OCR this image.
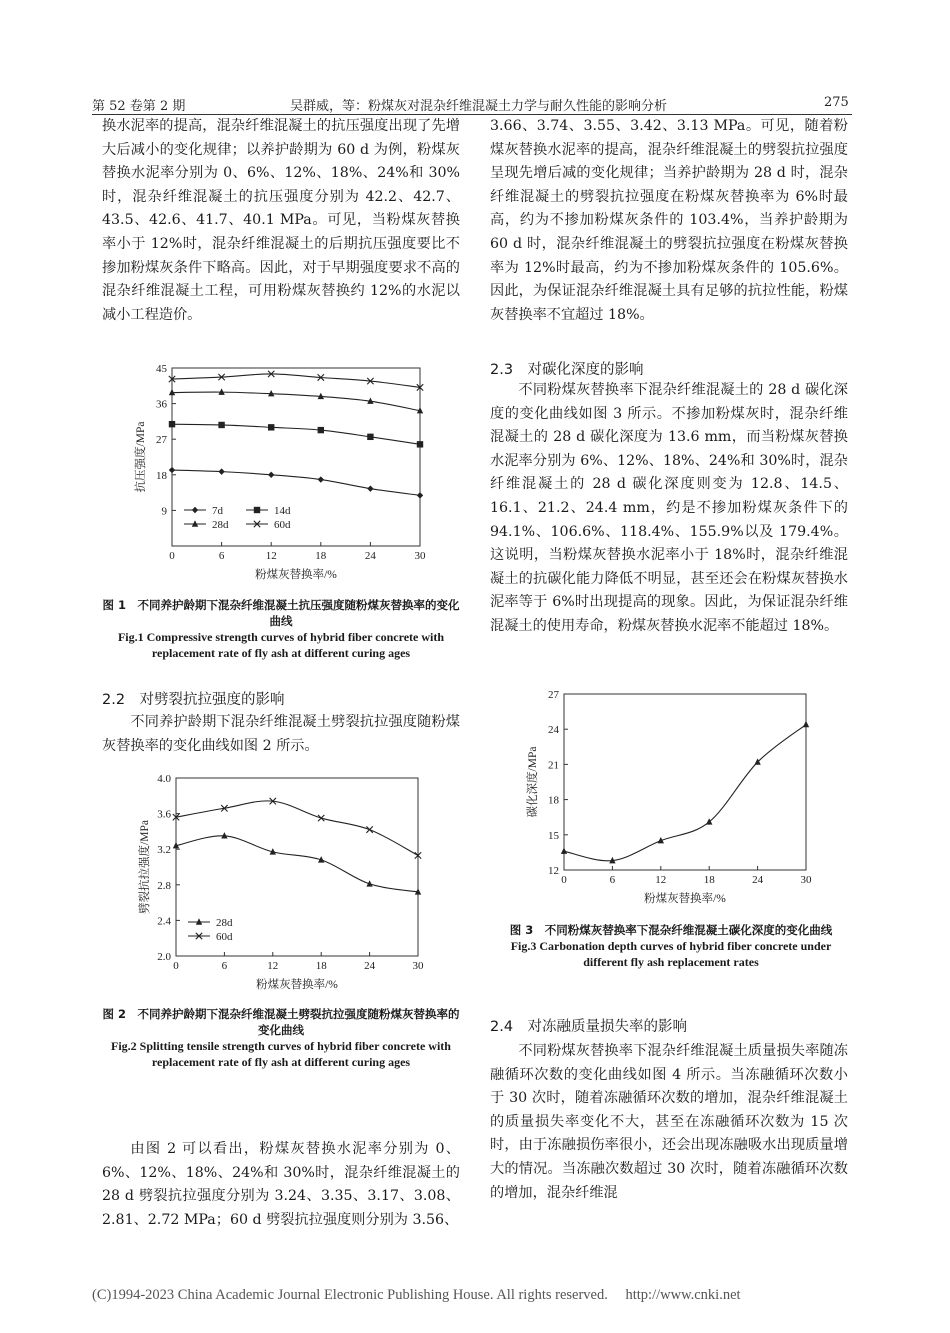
第 52 卷第 2 期	吴群威，等：粉煤灰对混杂纤维混凝土力学与耐久性能的影响分析	275

换水泥率的提高，混杂纤维混凝土的抗压强度出现了先增大后减小的变化规律；以养护龄期为 60 d 为例，粉煤灰替换水泥率分别为 0、6%、12%、18%、24%和 30%时，混杂纤维混凝土的抗压强度分别为 42.2、42.7、43.5、42.6、41.7、40.1 MPa。可见，当粉煤灰替换率小于 12%时，混杂纤维混凝土的后期抗压强度要比不掺加粉煤灰条件下略高。因此，对于早期强度要求不高的混杂纤维混凝土工程，可用粉煤灰替换约 12%的水泥以减小工程造价。

0	6	12	18	24	30
9
18
27
36
45
粉煤灰替换率/%
抗压强度/MPa
7d	14d
28d	60d
图 1　不同养护龄期下混杂纤维混凝土抗压强度随粉煤灰替换率的变化曲线
Fig.1 Compressive strength curves of hybrid fiber concrete with replacement rate of fly ash at different curing ages
2.2　对劈裂抗拉强度的影响

不同养护龄期下混杂纤维混凝土劈裂抗拉强度随粉煤灰替换率的变化曲线如图 2 所示。

0	6	12	18	24	30
2.0
2.4
2.8
3.2
3.6
4.0
粉煤灰替换率/%
劈裂抗拉强度/MPa
28d
60d
图 2　不同养护龄期下混杂纤维混凝土劈裂抗拉强度随粉煤灰替换率的变化曲线
Fig.2 Splitting tensile strength curves of hybrid fiber concrete with replacement rate of fly ash at different curing ages

由图 2 可以看出，粉煤灰替换水泥率分别为 0、6%、12%、18%、24%和 30%时，混杂纤维混凝土的 28 d 劈裂抗拉强度分别为 3.24、3.35、3.17、3.08、2.81、2.72 MPa；60 d 劈裂抗拉强度则分别为 3.56、

3.66、3.74、3.55、3.42、3.13 MPa。可见，随着粉煤灰替换水泥率的提高，混杂纤维混凝土的劈裂抗拉强度呈现先增后减的变化规律；当养护龄期为 28 d 时，混杂纤维混凝土的劈裂抗拉强度在粉煤灰替换率为 6%时最高，约为不掺加粉煤灰条件的 103.4%，当养护龄期为 60 d 时，混杂纤维混凝土的劈裂抗拉强度在粉煤灰替换率为 12%时最高，约为不掺加粉煤灰条件的 105.6%。因此，为保证混杂纤维混凝土具有足够的抗拉性能，粉煤灰替换率不宜超过 18%。

2.3　对碳化深度的影响

不同粉煤灰替换率下混杂纤维混凝土的 28 d 碳化深度的变化曲线如图 3 所示。不掺加粉煤灰时，混杂纤维混凝土的 28 d 碳化深度为 13.6 mm，而当粉煤灰替换水泥率分别为 6%、12%、18%、24%和 30%时，混杂纤维混凝土的 28 d 碳化深度则变为 12.8、14.5、16.1、21.2、24.4 mm，约是不掺加粉煤灰条件下的 94.1%、106.6%、118.4%、155.9%以及 179.4%。这说明，当粉煤灰替换水泥率小于 18%时，混杂纤维混凝土的抗碳化能力降低不明显，甚至还会在粉煤灰替换水泥率等于 6%时出现提高的现象。因此，为保证混杂纤维混凝土的使用寿命，粉煤灰替换水泥率不能超过 18%。

0	6	12	18	24	30
12
15
18
21
24
27
粉煤灰替换率/%
碳化深度/MPa
图 3　不同粉煤灰替换率下混杂纤维混凝土碳化深度的变化曲线
Fig.3 Carbonation depth curves of hybrid fiber concrete under different fly ash replacement rates
2.4　对冻融质量损失率的影响

不同粉煤灰替换率下混杂纤维混凝土质量损失率随冻融循环次数的变化曲线如图 4 所示。当冻融循环次数小于 30 次时，随着冻融循环次数的增加，混杂纤维混凝土的质量损失率变化不大，甚至在冻融循环次数为 15 次时，由于冻融损伤率很小，还会出现冻融吸水出现质量增大的情况。当冻融次数超过 30 次时，随着冻融循环次数的增加，混杂纤维混

(C)1994-2023 China Academic Journal Electronic Publishing House. All rights reserved. http://www.cnki.net
